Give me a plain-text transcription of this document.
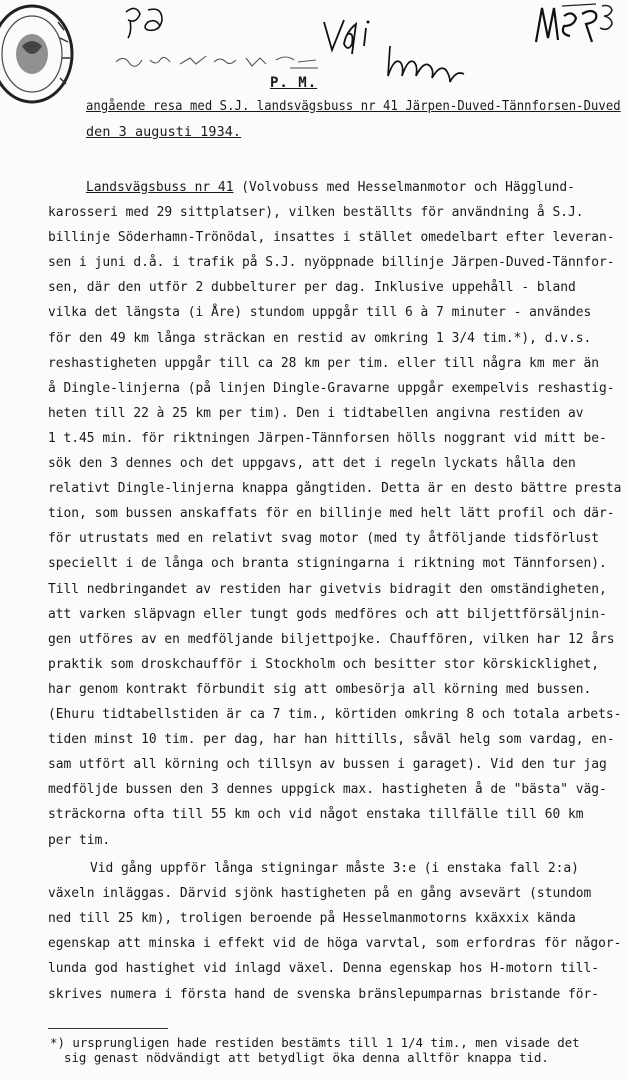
P. M.
angående resa med S.J. landsvägsbuss nr 41 Järpen-Duved-Tännforsen-Duved
den 3 augusti 1934.
Landsvägsbuss nr 41 (Volvobuss med Hesselmanmotor och Hägglund-
karosseri med 29 sittplatser), vilken beställts för användning å S.J.
billinje Söderhamn-Trönödal, insattes i stället omedelbart efter leveran-
sen i juni d.å. i trafik på S.J. nyöppnade billinje Järpen-Duved-Tännfor-
sen, där den utför 2 dubbelturer per dag. Inklusive uppehåll - bland
vilka det längsta (i Åre) stundom uppgår till 6 à 7 minuter - användes
för den 49 km långa sträckan en restid av omkring 1 3/4 tim.*), d.v.s.
reshastigheten uppgår till ca 28 km per tim. eller till några km mer än
å Dingle-linjerna (på linjen Dingle-Gravarne uppgår exempelvis reshastig-
heten till 22 à 25 km per tim). Den i tidtabellen angivna restiden av
1 t.45 min. för riktningen Järpen-Tännforsen hölls noggrant vid mitt be-
sök den 3 dennes och det uppgavs, att det i regeln lyckats hålla den
relativt Dingle-linjerna knappa gångtiden. Detta är en desto bättre presta
tion, som bussen anskaffats för en billinje med helt lätt profil och där-
för utrustats med en relativt svag motor (med ty åtföljande tidsförlust
speciellt i de långa och branta stigningarna i riktning mot Tännforsen).
Till nedbringandet av restiden har givetvis bidragit den omständigheten,
att varken släpvagn eller tungt gods medföres och att biljettförsäljnin-
gen utföres av en medföljande biljettpojke. Chauffören, vilken har 12 års
praktik som droskchaufför i Stockholm och besitter stor körskicklighet,
har genom kontrakt förbundit sig att ombesörja all körning med bussen.
(Ehuru tidtabellstiden är ca 7 tim., körtiden omkring 8 och totala arbets-
tiden minst 10 tim. per dag, har han hittills, såväl helg som vardag, en-
sam utfört all körning och tillsyn av bussen i garaget). Vid den tur jag
medföljde bussen den 3 dennes uppgick max. hastigheten å de "bästa" väg-
sträckorna ofta till 55 km och vid något enstaka tillfälle till 60 km
per tim.
Vid gång uppför långa stigningar måste 3:e (i enstaka fall 2:a)
växeln inläggas. Därvid sjönk hastigheten på en gång avsevärt (stundom
ned till 25 km), troligen beroende på Hesselmanmotorns kxäxxix kända
egenskap att minska i effekt vid de höga varvtal, som erfordras för någor-
lunda god hastighet vid inlagd växel. Denna egenskap hos H-motorn till-
skrives numera i första hand de svenska bränslepumparnas bristande för-
*) ursprungligen hade restiden bestämts till 1 1/4 tim., men visade det
sig genast nödvändigt att betydligt öka denna alltför knappa tid.
